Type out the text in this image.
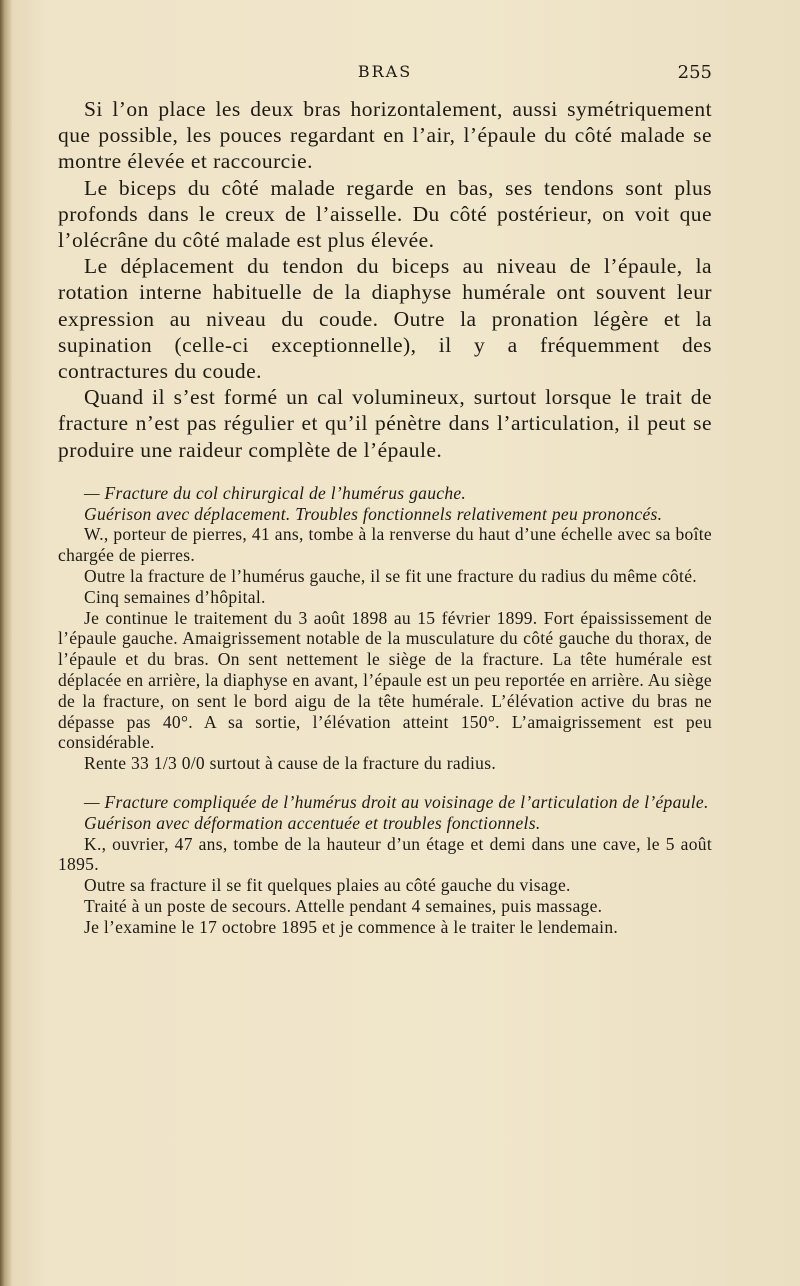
BRAS	255

Si l’on place les deux bras horizontalement, aussi symétriquement que possible, les pouces regardant en l’air, l’épaule du côté malade se montre élevée et raccourcie.

Le biceps du côté malade regarde en bas, ses tendons sont plus profonds dans le creux de l’aisselle. Du côté postérieur, on voit que l’olécrâne du côté malade est plus élevée.

Le déplacement du tendon du biceps au niveau de l’épaule, la rotation interne habituelle de la diaphyse humérale ont souvent leur expression au niveau du coude. Outre la pronation légère et la supination (celle-ci exceptionnelle), il y a fréquemment des contractures du coude.

Quand il s’est formé un cal volumineux, surtout lorsque le trait de fracture n’est pas régulier et qu’il pénètre dans l’articulation, il peut se produire une raideur complète de l’épaule.

— Fracture du col chirurgical de l’humérus gauche.

Guérison avec déplacement. Troubles fonctionnels relativement peu prononcés.

W., porteur de pierres, 41 ans, tombe à la renverse du haut d’une échelle avec sa boîte chargée de pierres.

Outre la fracture de l’humérus gauche, il se fit une fracture du radius du même côté.

Cinq semaines d’hôpital.

Je continue le traitement du 3 août 1898 au 15 février 1899. Fort épaississement de l’épaule gauche. Amaigrissement notable de la musculature du côté gauche du thorax, de l’épaule et du bras. On sent nettement le siège de la fracture. La tête humérale est déplacée en arrière, la diaphyse en avant, l’épaule est un peu reportée en arrière. Au siège de la fracture, on sent le bord aigu de la tête humérale. L’élévation active du bras ne dépasse pas 40°. A sa sortie, l’élévation atteint 150°. L’amaigrissement est peu considérable.

Rente 33 1/3 0/0 surtout à cause de la fracture du radius.

— Fracture compliquée de l’humérus droit au voisinage de l’articulation de l’épaule.

Guérison avec déformation accentuée et troubles fonctionnels.

K., ouvrier, 47 ans, tombe de la hauteur d’un étage et demi dans une cave, le 5 août 1895.

Outre sa fracture il se fit quelques plaies au côté gauche du visage.

Traité à un poste de secours. Attelle pendant 4 semaines, puis massage.

Je l’examine le 17 octobre 1895 et je commence à le traiter le lendemain.
